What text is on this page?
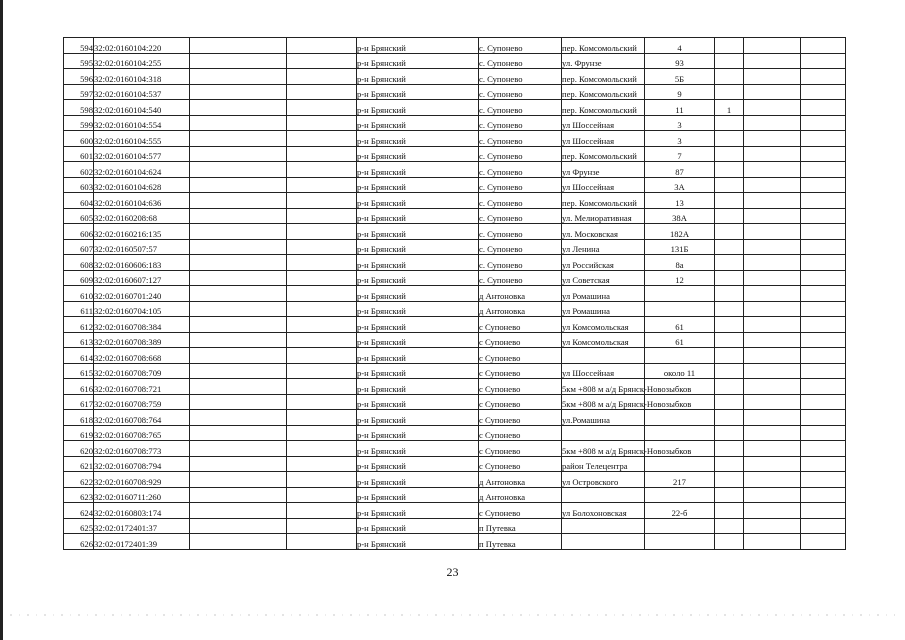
594	32:02:0160104:220			р-н Брянский	с. Супонево	пер. Комсомольский	4			
595	32:02:0160104:255			р-н Брянский	с. Супонево	ул. Фрунзе	93			
596	32:02:0160104:318			р-н Брянский	с. Супонево	пер. Комсомольский	5Б			
597	32:02:0160104:537			р-н Брянский	с. Супонево	пер. Комсомольский	9			
598	32:02:0160104:540			р-н Брянский	с. Супонево	пер. Комсомольский	11	1		
599	32:02:0160104:554			р-н Брянский	с. Супонево	ул Шоссейная	3			
600	32:02:0160104:555			р-н Брянский	с. Супонево	ул Шоссейная	3			
601	32:02:0160104:577			р-н Брянский	с. Супонево	пер. Комсомольский	7			
602	32:02:0160104:624			р-н Брянский	с. Супонево	ул Фрунзе	87			
603	32:02:0160104:628			р-н Брянский	с. Супонево	ул Шоссейная	3А			
604	32:02:0160104:636			р-н Брянский	с. Супонево	пер. Комсомольский	13			
605	32:02:0160208:68			р-н Брянский	с. Супонево	ул. Мелиоративная	38А			
606	32:02:0160216:135			р-н Брянский	с. Супонево	ул. Московская	182А			
607	32:02:0160507:57			р-н Брянский	с. Супонево	ул Ленина	131Б			
608	32:02:0160606:183			р-н Брянский	с. Супонево	ул Российская	8а			
609	32:02:0160607:127			р-н Брянский	с. Супонево	ул Советская	12			
610	32:02:0160701:240			р-н Брянский	д Антоновка	ул Ромашина				
611	32:02:0160704:105			р-н Брянский	д Антоновка	ул Ромашина				
612	32:02:0160708:384			р-н Брянский	с Супонево	ул Комсомольская	61			
613	32:02:0160708:389			р-н Брянский	с Супонево	ул Комсомольская	61			
614	32:02:0160708:668			р-н Брянский	с Супонево					
615	32:02:0160708:709			р-н Брянский	с Супонево	ул Шоссейная	около 11			
616	32:02:0160708:721			р-н Брянский	с Супонево	5км +808 м а/д Брянск-Новозыбков				
617	32:02:0160708:759			р-н Брянский	с Супонево	5км +808 м а/д Брянск-Новозыбков				
618	32:02:0160708:764			р-н Брянский	с Супонево	ул.Ромашина				
619	32:02:0160708:765			р-н Брянский	с Супонево					
620	32:02:0160708:773			р-н Брянский	с Супонево	5км +808 м а/д Брянск-Новозыбков				
621	32:02:0160708:794			р-н Брянский	с Супонево	район Телецентра				
622	32:02:0160708:929			р-н Брянский	д Антоновка	ул Островского	217			
623	32:02:0160711:260			р-н Брянский	д Антоновка					
624	32:02:0160803:174			р-н Брянский	с Супонево	ул Болохоновская	22-б			
625	32:02:0172401:37			р-н Брянский	п Путевка					
626	32:02:0172401:39			р-н Брянский	п Путевка					
23
